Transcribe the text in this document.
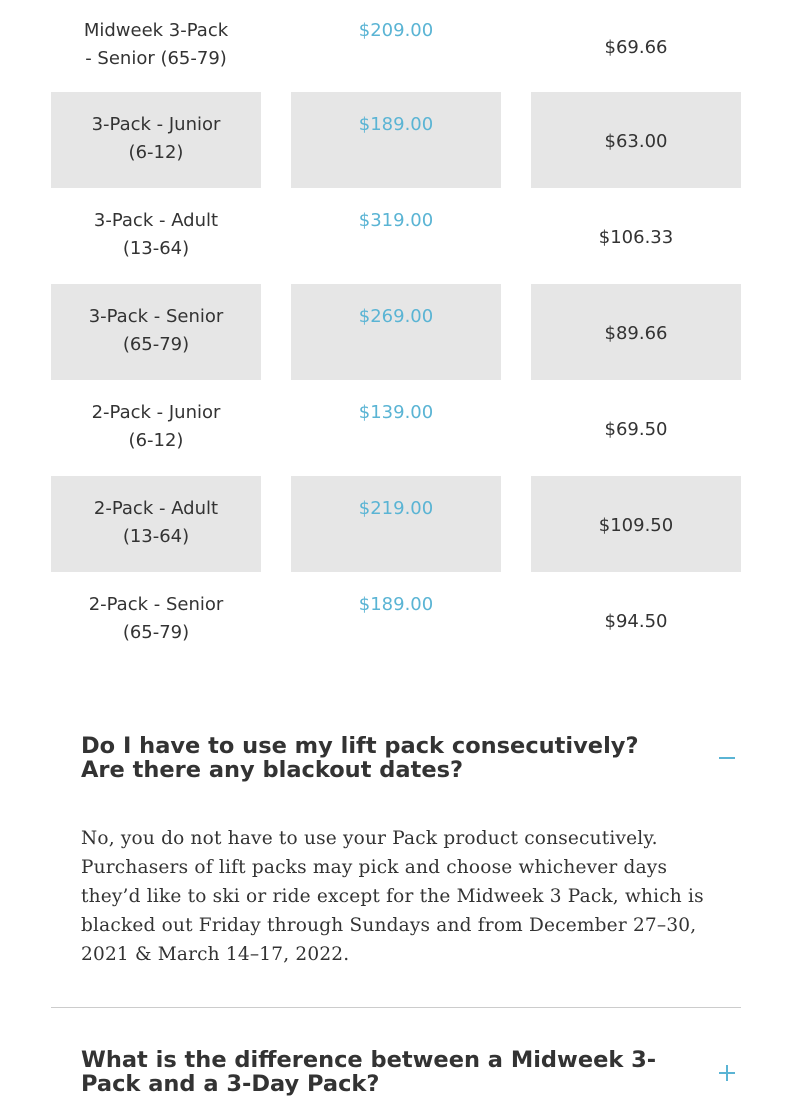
Midweek 3-Pack - Senior (65-79)
$209.00
$69.66
3-Pack - Junior (6-12)
$189.00
$63.00
3-Pack - Adult (13-64)
$319.00
$106.33
3-Pack - Senior (65-79)
$269.00
$89.66
2-Pack - Junior (6-12)
$139.00
$69.50
2-Pack - Adult (13-64)
$219.00
$109.50
2-Pack - Senior (65-79)
$189.00
$94.50
Do I have to use my lift pack consecutively? Are there any blackout dates?
No, you do not have to use your Pack product consecutively. Purchasers of lift packs may pick and choose whichever days they’d like to ski or ride except for the Midweek 3 Pack, which is blacked out Friday through Sundays and from December 27–30, 2021 & March 14–17, 2022.
What is the difference between a Midweek 3-Pack and a 3-Day Pack?
